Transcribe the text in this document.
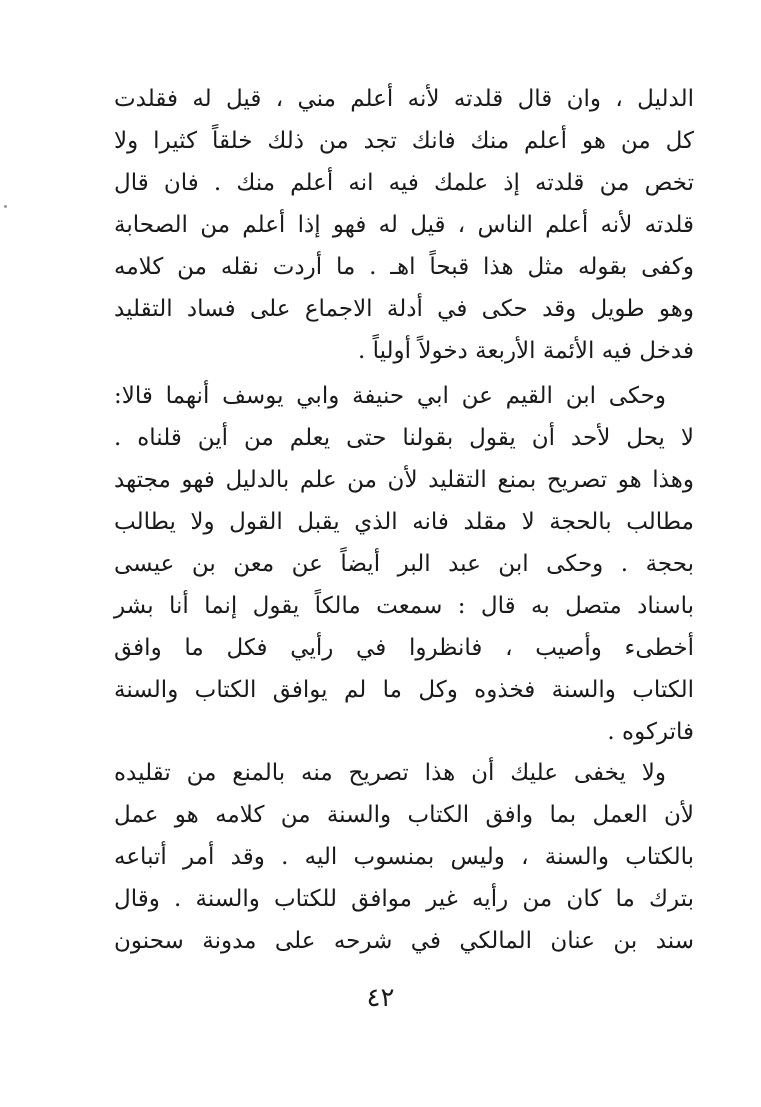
الدليل ، وان قال قلدته لأنه أعلم مني ، قيل له فقلدت
كل من هو أعلم منك فانك تجد من ذلك خلقاً كثيرا ولا
تخص من قلدته إذ علمك فيه انه أعلم منك . فان قال
قلدته لأنه أعلم الناس ، قيل له فهو إذا أعلم من الصحابة
وكفى بقوله مثل هذا قبحاً اهـ . ما أردت نقله من كلامه
وهو طويل وقد حكى في أدلة الاجماع على فساد التقليد
فدخل فيه الأئمة الأربعة دخولاً أولياً .
وحكى ابن القيم عن ابي حنيفة وابي يوسف أنهما قالا:
لا يحل لأحد أن يقول بقولنا حتى يعلم من أين قلناه .
وهذا هو تصريح بمنع التقليد لأن من علم بالدليل فهو مجتهد
مطالب بالحجة لا مقلد فانه الذي يقبل القول ولا يطالب
بحجة . وحكى ابن عبد البر أيضاً عن معن بن عيسى
باسناد متصل به قال : سمعت مالكاً يقول إنما أنا بشر
أخطىء وأصيب ، فانظروا في رأيي فكل ما وافق
الكتاب والسنة فخذوه وكل ما لم يوافق الكتاب والسنة
فاتركوه .
ولا يخفى عليك أن هذا تصريح منه بالمنع من تقليده
لأن العمل بما وافق الكتاب والسنة من كلامه هو عمل
بالكتاب والسنة ، وليس بمنسوب اليه . وقد أمر أتباعه
بترك ما كان من رأيه غير موافق للكتاب والسنة . وقال
سند بن عنان المالكي في شرحه على مدونة سحنون
٤٢
